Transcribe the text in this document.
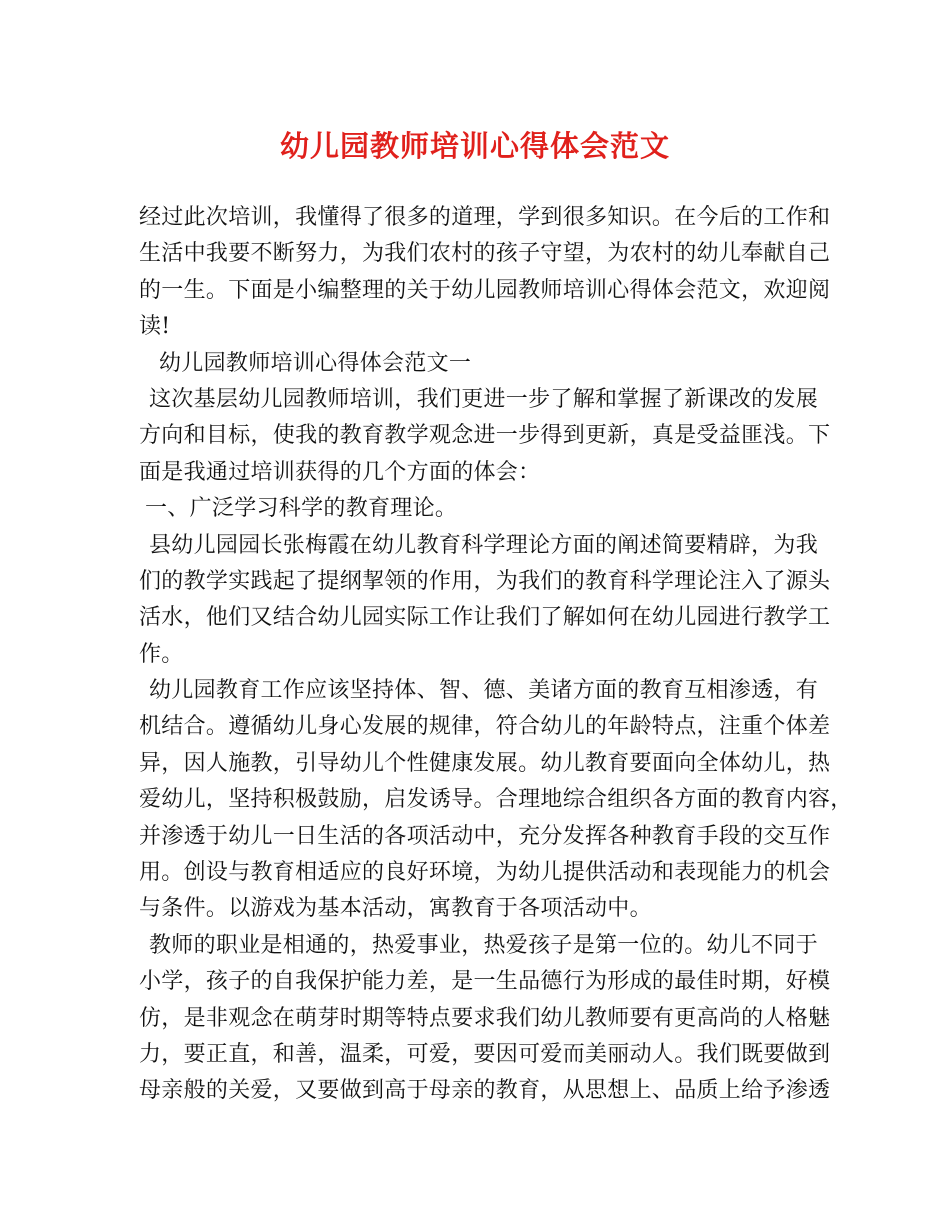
幼儿园教师培训心得体会范文
经过此次培训，我懂得了很多的道理，学到很多知识。在今后的工作和
生活中我要不断努力，为我们农村的孩子守望，为农村的幼儿奉献自己
的一生。下面是小编整理的关于幼儿园教师培训心得体会范文，欢迎阅
读!
幼儿园教师培训心得体会范文一
这次基层幼儿园教师培训，我们更进一步了解和掌握了新课改的发展
方向和目标，使我的教育教学观念进一步得到更新，真是受益匪浅。下
面是我通过培训获得的几个方面的体会：
一、广泛学习科学的教育理论。
县幼儿园园长张梅霞在幼儿教育科学理论方面的阐述简要精辟，为我
们的教学实践起了提纲挈领的作用，为我们的教育科学理论注入了源头
活水，他们又结合幼儿园实际工作让我们了解如何在幼儿园进行教学工
作。
幼儿园教育工作应该坚持体、智、德、美诸方面的教育互相渗透，有
机结合。遵循幼儿身心发展的规律，符合幼儿的年龄特点，注重个体差
异，因人施教，引导幼儿个性健康发展。幼儿教育要面向全体幼儿，热
爱幼儿，坚持积极鼓励，启发诱导。合理地综合组织各方面的教育内容，
并渗透于幼儿一日生活的各项活动中，充分发挥各种教育手段的交互作
用。创设与教育相适应的良好环境，为幼儿提供活动和表现能力的机会
与条件。以游戏为基本活动，寓教育于各项活动中。
教师的职业是相通的，热爱事业，热爱孩子是第一位的。幼儿不同于
小学，孩子的自我保护能力差，是一生品德行为形成的最佳时期，好模
仿，是非观念在萌芽时期等特点要求我们幼儿教师要有更高尚的人格魅
力，要正直，和善，温柔，可爱，要因可爱而美丽动人。我们既要做到
母亲般的关爱，又要做到高于母亲的教育，从思想上、品质上给予渗透
